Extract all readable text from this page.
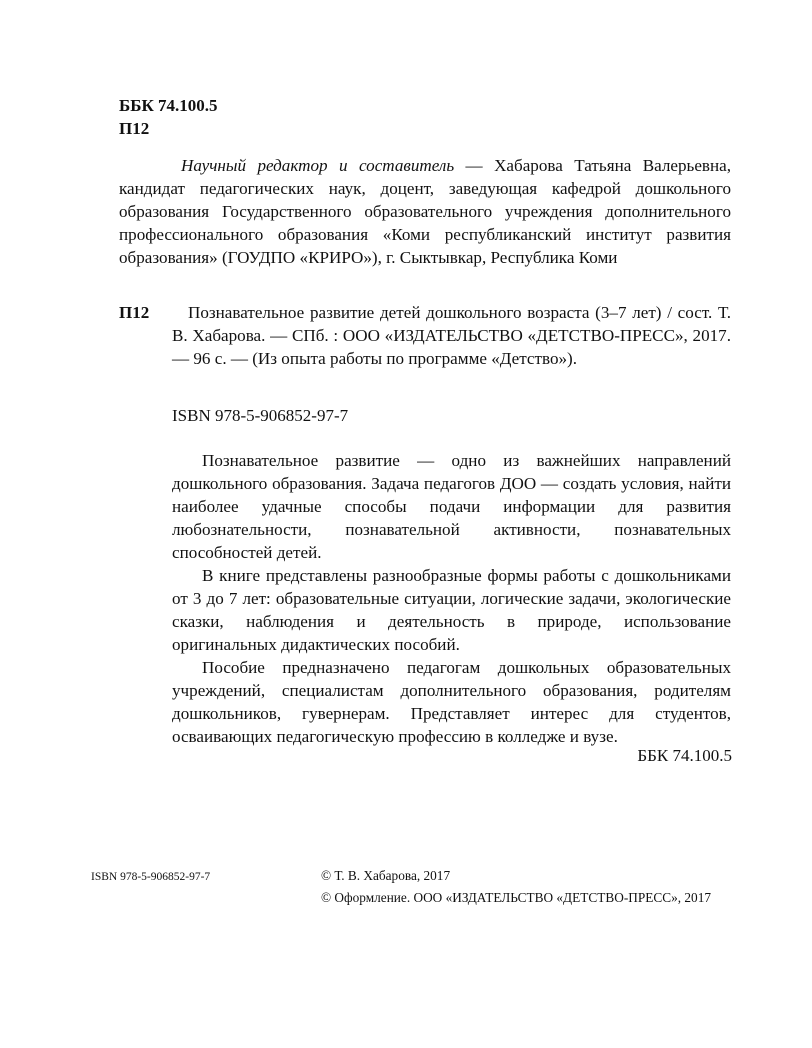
ББК 74.100.5
П12
Научный редактор и составитель — Хабарова Татьяна Валерьевна, кандидат педагогических наук, доцент, заведующая кафедрой дошкольного образования Государственного образовательного учреждения дополнительного профессионального образования «Коми республиканский институт развития образования» (ГОУДПО «КРИРО»), г. Сыктывкар, Республика Коми
П12	Познавательное развитие детей дошкольного возраста (3–7 лет) / сост. Т. В. Хабарова. — СПб. : ООО «ИЗДАТЕЛЬСТВО «ДЕТСТВО-ПРЕСС», 2017. — 96 с. — (Из опыта работы по программе «Детство»).
ISBN 978-5-906852-97-7

Познавательное развитие — одно из важнейших направлений дошкольного образования. Задача педагогов ДОО — создать условия, найти наиболее удачные способы подачи информации для развития любознательности, познавательной активности, познавательных способностей детей.

В книге представлены разнообразные формы работы с дошкольниками от 3 до 7 лет: образовательные ситуации, логические задачи, экологические сказки, наблюдения и деятельность в природе, использование оригинальных дидактических пособий.

Пособие предназначено педагогам дошкольных образовательных учреждений, специалистам дополнительного образования, родителям дошкольников, гувернерам. Представляет интерес для студентов, осваивающих педагогическую профессию в колледже и вузе.

ББК 74.100.5
ISBN 978-5-906852-97-7	© Т. В. Хабарова, 2017
© Оформление. ООО «ИЗДАТЕЛЬСТВО «ДЕТСТВО-ПРЕСС», 2017
